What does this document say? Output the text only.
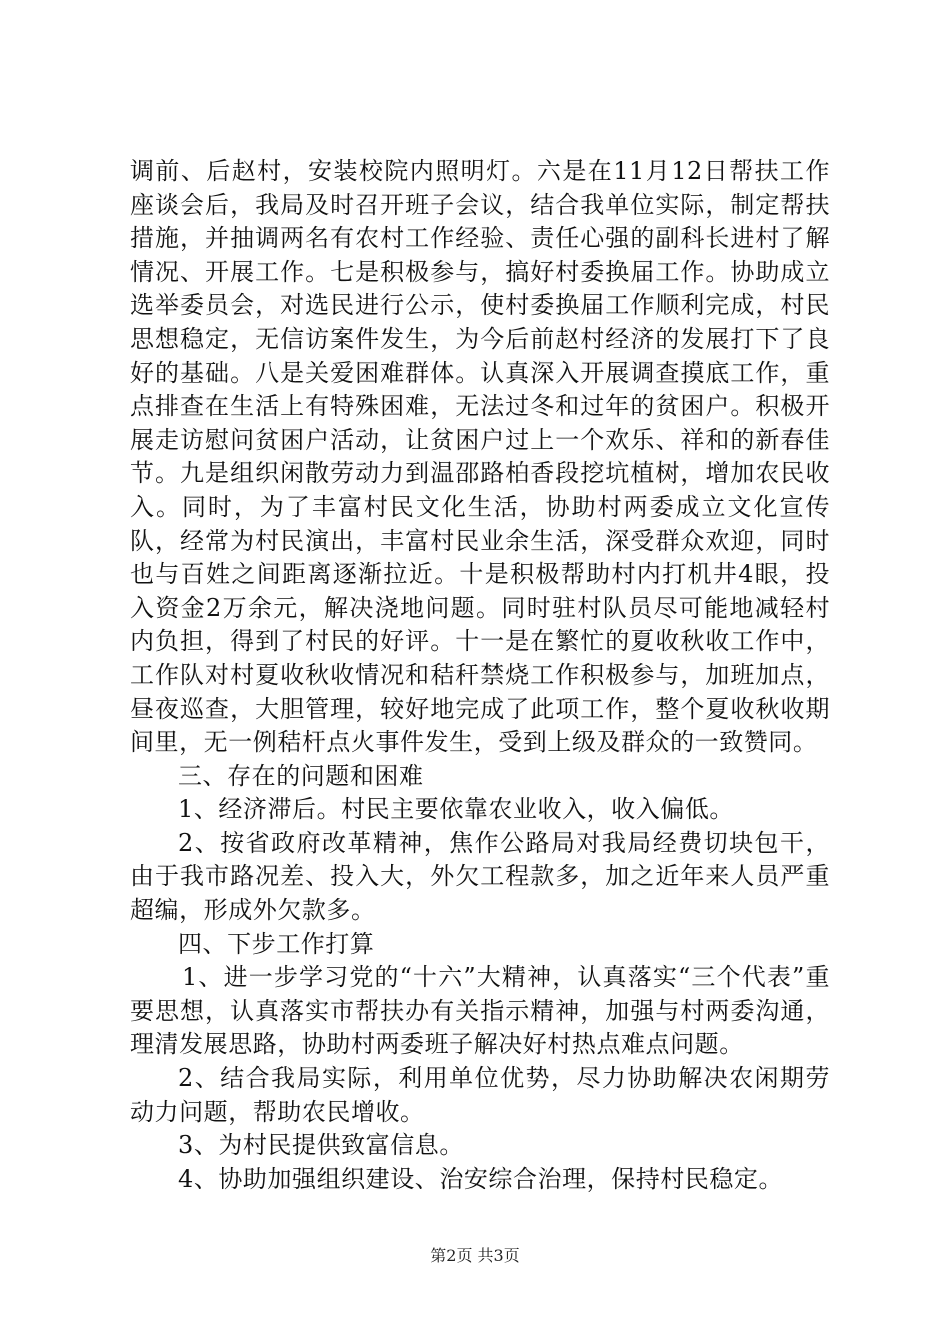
调前、后赵村，安装校院内照明灯。六是在11月12日帮扶工作座谈会后，我局及时召开班子会议，结合我单位实际，制定帮扶措施，并抽调两名有农村工作经验、责任心强的副科长进村了解情况、开展工作。七是积极参与，搞好村委换届工作。协助成立选举委员会，对选民进行公示，使村委换届工作顺利完成，村民思想稳定，无信访案件发生，为今后前赵村经济的发展打下了良好的基础。八是关爱困难群体。认真深入开展调查摸底工作，重点排查在生活上有特殊困难，无法过冬和过年的贫困户。积极开展走访慰问贫困户活动，让贫困户过上一个欢乐、祥和的新春佳节。九是组织闲散劳动力到温邵路柏香段挖坑植树，增加农民收入。同时，为了丰富村民文化生活，协助村两委成立文化宣传队，经常为村民演出，丰富村民业余生活，深受群众欢迎，同时也与百姓之间距离逐渐拉近。十是积极帮助村内打机井4眼，投入资金2万余元，解决浇地问题。同时驻村队员尽可能地减轻村内负担，得到了村民的好评。十一是在繁忙的夏收秋收工作中，工作队对村夏收秋收情况和秸秆禁烧工作积极参与，加班加点，昼夜巡查，大胆管理，较好地完成了此项工作，整个夏收秋收期间里，无一例秸杆点火事件发生，受到上级及群众的一致赞同。

三、存在的问题和困难

1、经济滞后。村民主要依靠农业收入，收入偏低。

2、按省政府改革精神，焦作公路局对我局经费切块包干，由于我市路况差、投入大，外欠工程款多，加之近年来人员严重超编，形成外欠款多。

四、下步工作打算

1、进一步学习党的“十六”大精神，认真落实“三个代表”重要思想，认真落实市帮扶办有关指示精神，加强与村两委沟通，理清发展思路，协助村两委班子解决好村热点难点问题。

2、结合我局实际，利用单位优势，尽力协助解决农闲期劳动力问题，帮助农民增收。

3、为村民提供致富信息。

4、协助加强组织建设、治安综合治理，保持村民稳定。

第2页 共3页
